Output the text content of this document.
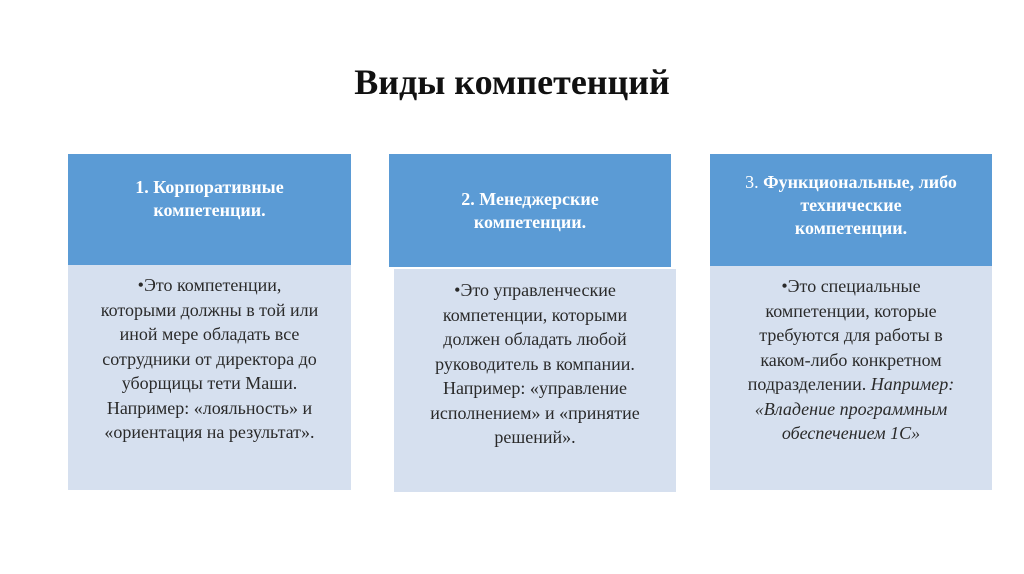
Виды компетенций
1. Корпоративные
компетенции.
•Это компетенции,
которыми должны в той или
иной мере обладать все
сотрудники от директора до
уборщицы тети Маши.
Например: «лояльность» и
«ориентация на результат».
2. Менеджерские
компетенции.
•Это управленческие
компетенции, которыми
должен обладать любой
руководитель в компании.
Например: «управление
исполнением» и «принятие
решений».
3. Функциональные, либо
технические
компетенции.
•Это специальные
компетенции, которые
требуются для работы в
каком-либо конкретном
подразделении. Например:
«Владение программным
обеспечением 1С»
